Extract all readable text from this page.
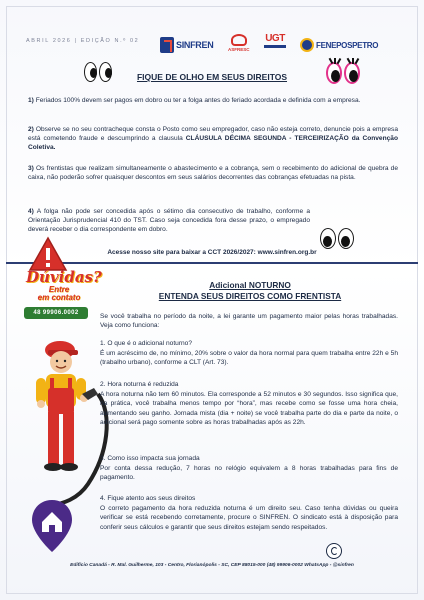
ABRIL 2026 | EDIÇÃO N.º 02	SINFREN	ASFRESC
UGT
FENEPOSPETRO
FIQUE DE OLHO EM SEUS DIREITOS
1) Feriados 100% devem ser pagos em dobro ou ter a folga antes do feriado acordada e definida com a empresa.
2) Observe se no seu contracheque consta o Posto como seu empregador, caso não esteja correto, denuncie pois a empresa está cometendo fraude e descumprindo a clausula CLÁUSULA DÉCIMA SEGUNDA - TERCEIRIZAÇÃO da Convenção Coletiva.
3) Os frentistas que realizam simultaneamente o abastecimento e a cobrança, sem o recebimento do adicional de quebra de caixa, não poderão sofrer quaisquer descontos em seus salários decorrentes das cobranças efetuadas na pista.
4) A folga não pode ser concedida após o sétimo dia consecutivo de trabalho, conforme a Orientação Jurisprudencial 410 do TST. Caso seja concedida fora desse prazo, o empregado deverá receber o dia correspondente em dobro.
Acesse nosso site para baixar a CCT 2026/2027: www.sinfren.org.br
Dúvidas?
Entre
em contato
48 99906.0002
Adicional NOTURNO
ENTENDA SEUS DIREITOS COMO FRENTISTA
Se você trabalha no período da noite, a lei garante um pagamento maior pelas horas trabalhadas. Veja como funciona:
1. O que é o adicional noturno?
É um acréscimo de, no mínimo, 20% sobre o valor da hora normal para quem trabalha entre 22h e 5h (trabalho urbano), conforme a CLT (Art. 73).
2. Hora noturna é reduzida
A hora noturna não tem 60 minutos. Ela corresponde a 52 minutos e 30 segundos. Isso significa que, na prática, você trabalha menos tempo por “hora”, mas recebe como se fosse uma hora cheia, aumentando seu ganho. Jornada mista (dia + noite) se você trabalha parte do dia e parte da noite, o adicional será pago somente sobre as horas trabalhadas após as 22h.
3. Como isso impacta sua jornada
Por conta dessa redução, 7 horas no relógio equivalem a 8 horas trabalhadas para fins de pagamento.
4. Fique atento aos seus direitos
O correto pagamento da hora reduzida noturna é um direito seu. Caso tenha dúvidas ou queira verificar se está recebendo corretamente, procure o SINFREN. O sindicato está à disposição para conferir seus cálculos e garantir que seus direitos estejam sendo respeitados.
Edifício Canadá - R. Mal. Guilherme, 103 - Centro, Florianópolis - SC, CEP 88015-000 (48) 99906-0002 WhatsApp - @sinfren
